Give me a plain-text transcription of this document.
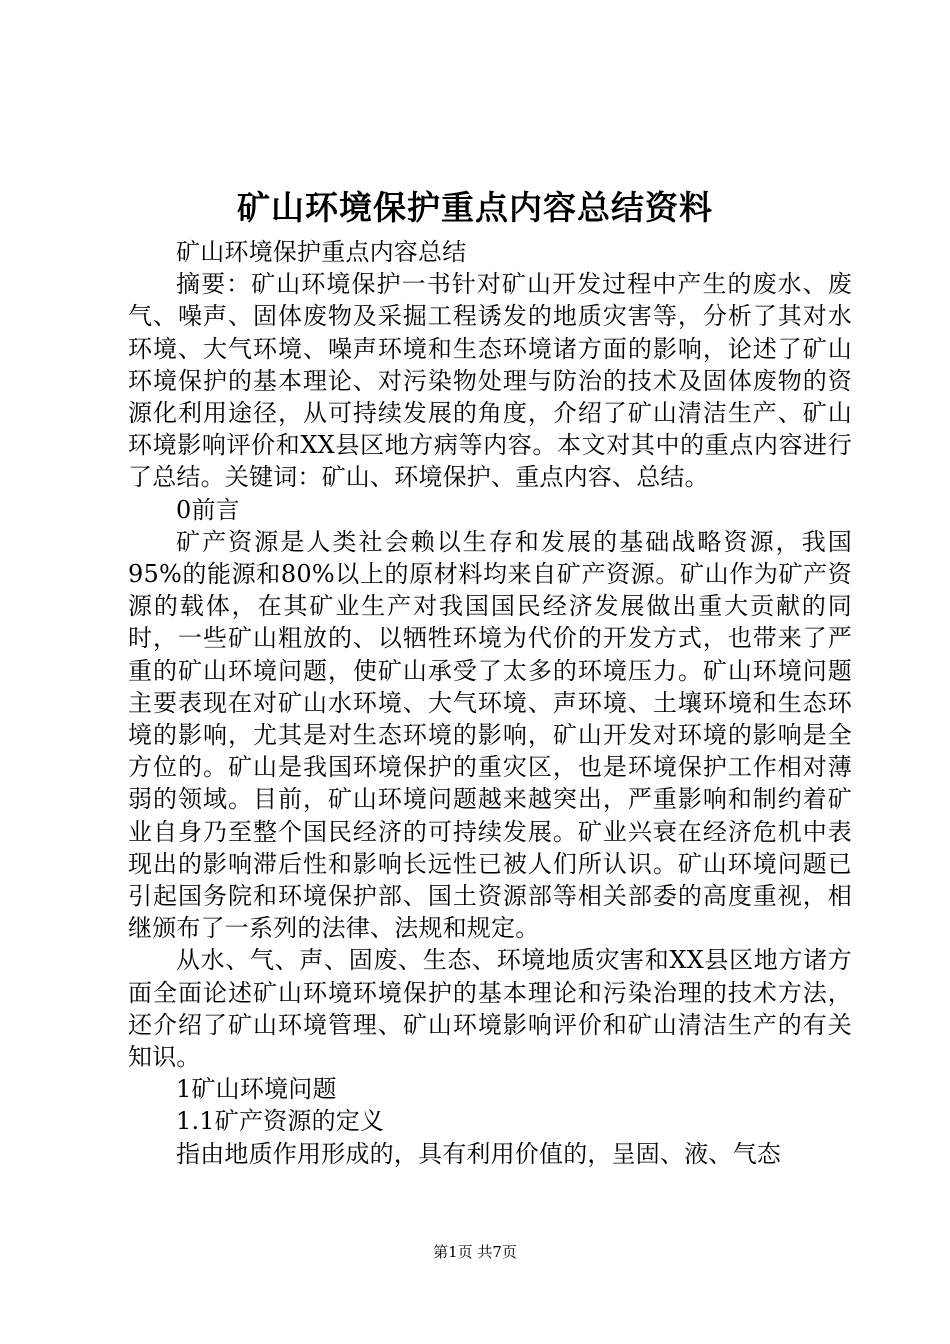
矿山环境保护重点内容总结资料

矿山环境保护重点内容总结

摘要：矿山环境保护一书针对矿山开发过程中产生的废水、废气、噪声、固体废物及采掘工程诱发的地质灾害等，分析了其对水环境、大气环境、噪声环境和生态环境诸方面的影响，论述了矿山环境保护的基本理论、对污染物处理与防治的技术及固体废物的资源化利用途径，从可持续发展的角度，介绍了矿山清洁生产、矿山环境影响评价和XX县区地方病等内容。本文对其中的重点内容进行了总结。关键词：矿山、环境保护、重点内容、总结。

0前言

矿产资源是人类社会赖以生存和发展的基础战略资源，我国95%的能源和80%以上的原材料均来自矿产资源。矿山作为矿产资源的载体，在其矿业生产对我国国民经济发展做出重大贡献的同时，一些矿山粗放的、以牺牲环境为代价的开发方式，也带来了严重的矿山环境问题，使矿山承受了太多的环境压力。矿山环境问题主要表现在对矿山水环境、大气环境、声环境、土壤环境和生态环境的影响，尤其是对生态环境的影响，矿山开发对环境的影响是全方位的。矿山是我国环境保护的重灾区，也是环境保护工作相对薄弱的领域。目前，矿山环境问题越来越突出，严重影响和制约着矿业自身乃至整个国民经济的可持续发展。矿业兴衰在经济危机中表现出的影响滞后性和影响长远性已被人们所认识。矿山环境问题已引起国务院和环境保护部、国土资源部等相关部委的高度重视，相继颁布了一系列的法律、法规和规定。

从水、气、声、固废、生态、环境地质灾害和XX县区地方诸方面全面论述矿山环境环境保护的基本理论和污染治理的技术方法，还介绍了矿山环境管理、矿山环境影响评价和矿山清洁生产的有关知识。

1矿山环境问题

1.1矿产资源的定义

指由地质作用形成的，具有利用价值的，呈固、液、气态

第1页 共7页
